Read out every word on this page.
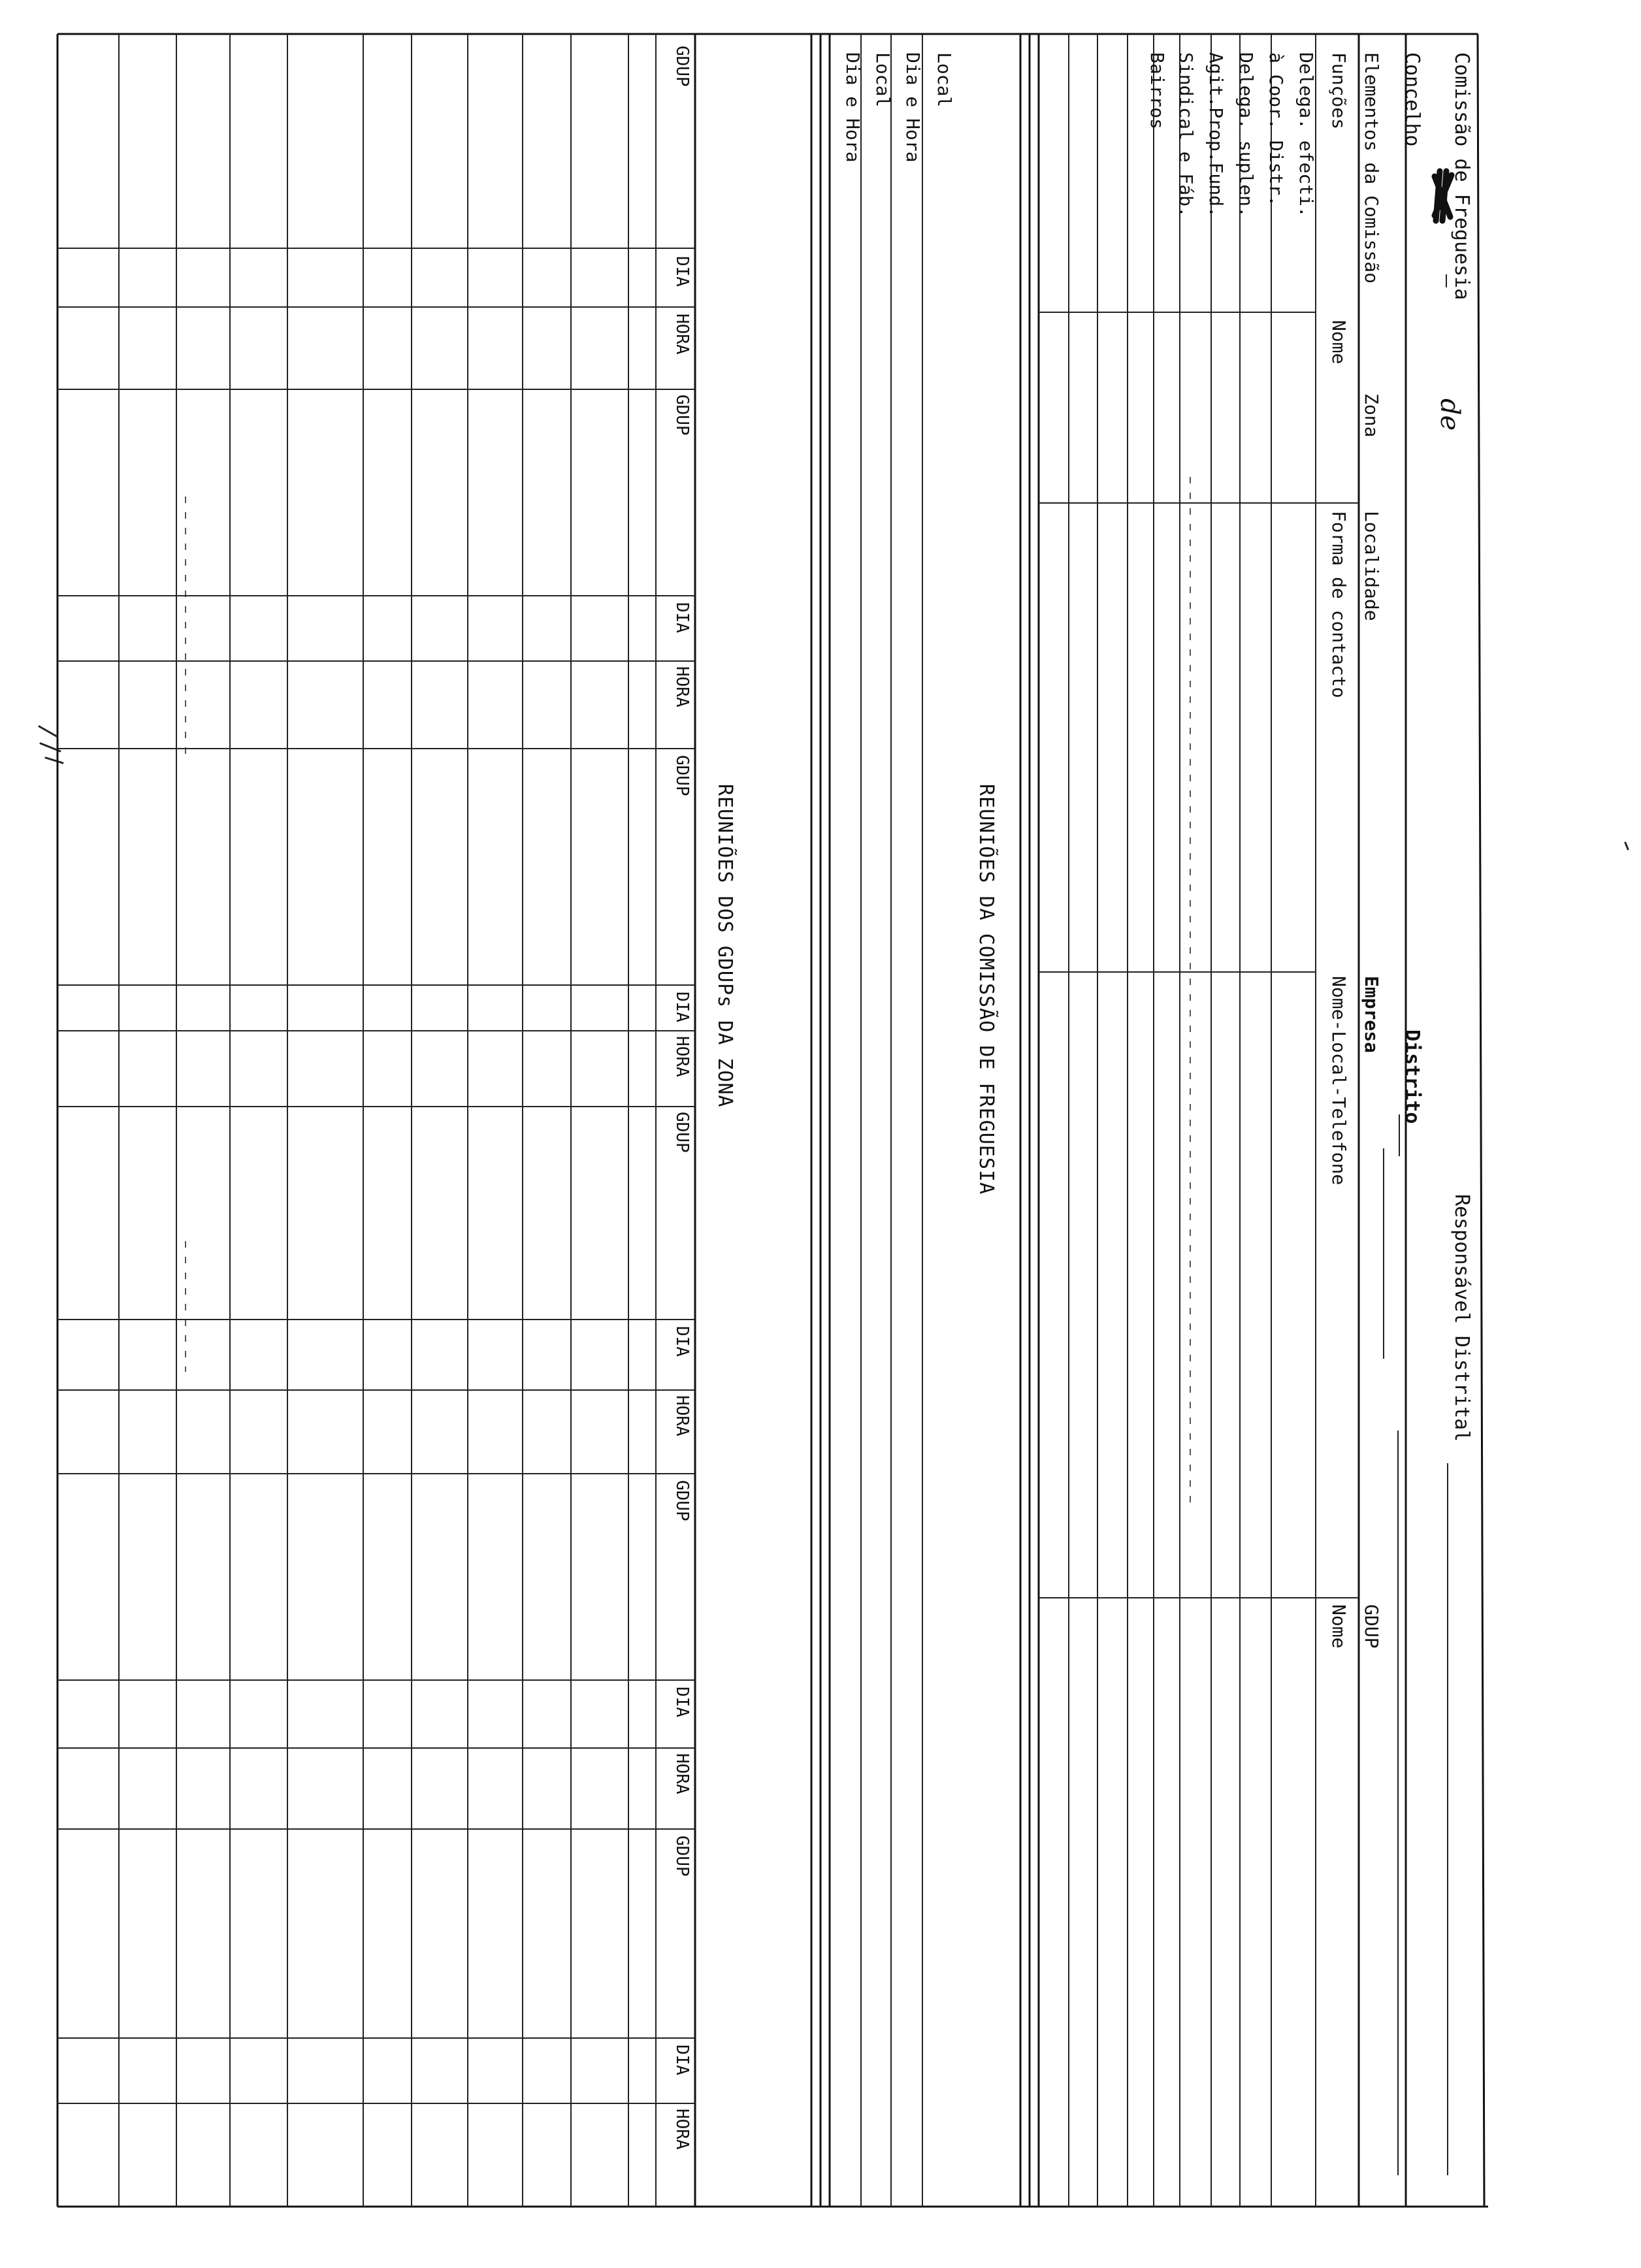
de
Comissão de Freguesia
Responsável Distrital
Concelho
Distrito
Elementos da Comissão
Zona
Localidade
Empresa
GDUP
Funções
Nome
Forma de contacto
Nome-Local-Telefone
Nome
Delega. efecti.
à Coor. Distr.
Delega. suplen.
Agit.Prop.Fund.
Sindical e Fáb.
Bairros
Local
Dia e Hora
Local
Dia e Hora
REUNIÕES DA COMISSÃO DE FREGUESIA
REUNIÕES DOS GDUPs DA ZONA
GDUP
DIA
HORA
GDUP
DIA
HORA
GDUP
DIA
HORA
GDUP
DIA
HORA
GDUP
DIA
HORA
GDUP
DIA
HORA
